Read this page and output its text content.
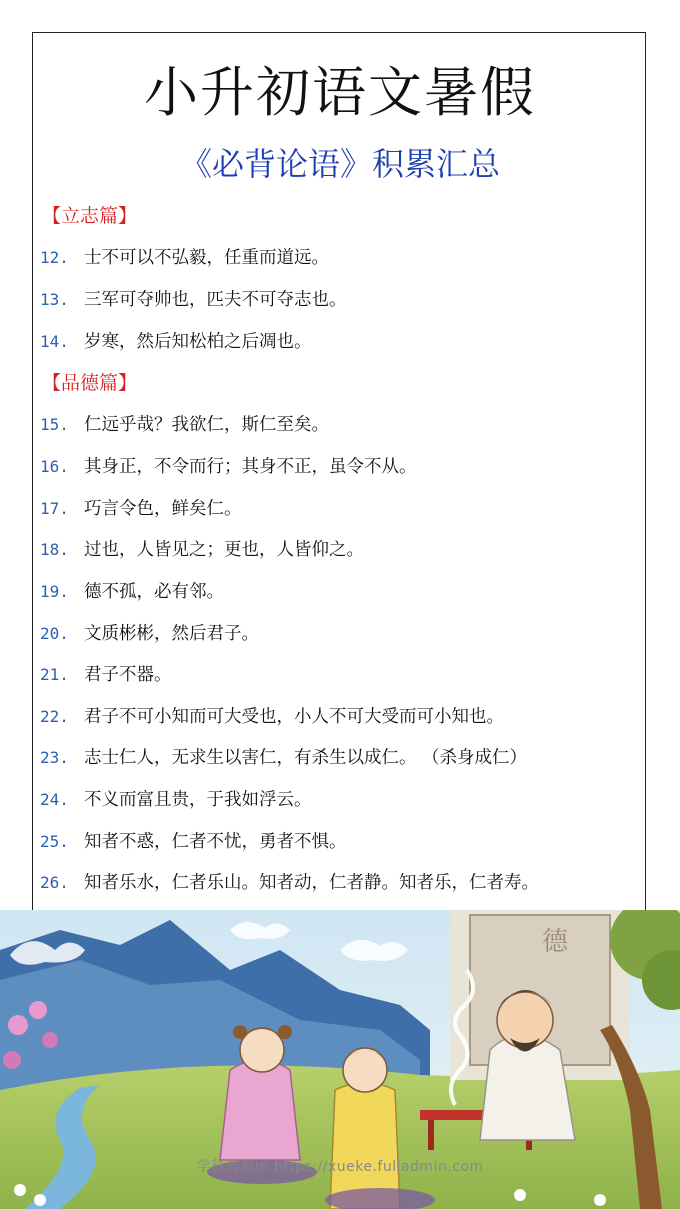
小升初语文暑假
《必背论语》积累汇总
【立志篇】
12. 士不可以不弘毅，任重而道远。
13. 三军可夺帅也，匹夫不可夺志也。
14. 岁寒，然后知松柏之后凋也。
【品德篇】
15. 仁远乎哉？我欲仁，斯仁至矣。
16. 其身正，不令而行；其身不正，虽令不从。
17. 巧言令色，鲜矣仁。
18. 过也，人皆见之；更也，人皆仰之。
19. 德不孤，必有邻。
20. 文质彬彬，然后君子。
21. 君子不器。
22. 君子不可小知而可大受也，小人不可大受而可小知也。
23. 志士仁人，无求生以害仁，有杀生以成仁。 （杀身成仁）
24. 不义而富且贵，于我如浮云。
25. 知者不惑，仁者不忧，勇者不惧。
26. 知者乐水，仁者乐山。知者动，仁者静。知者乐，仁者寿。
德
学科资源库 https://xueke.fuliadmin.com
